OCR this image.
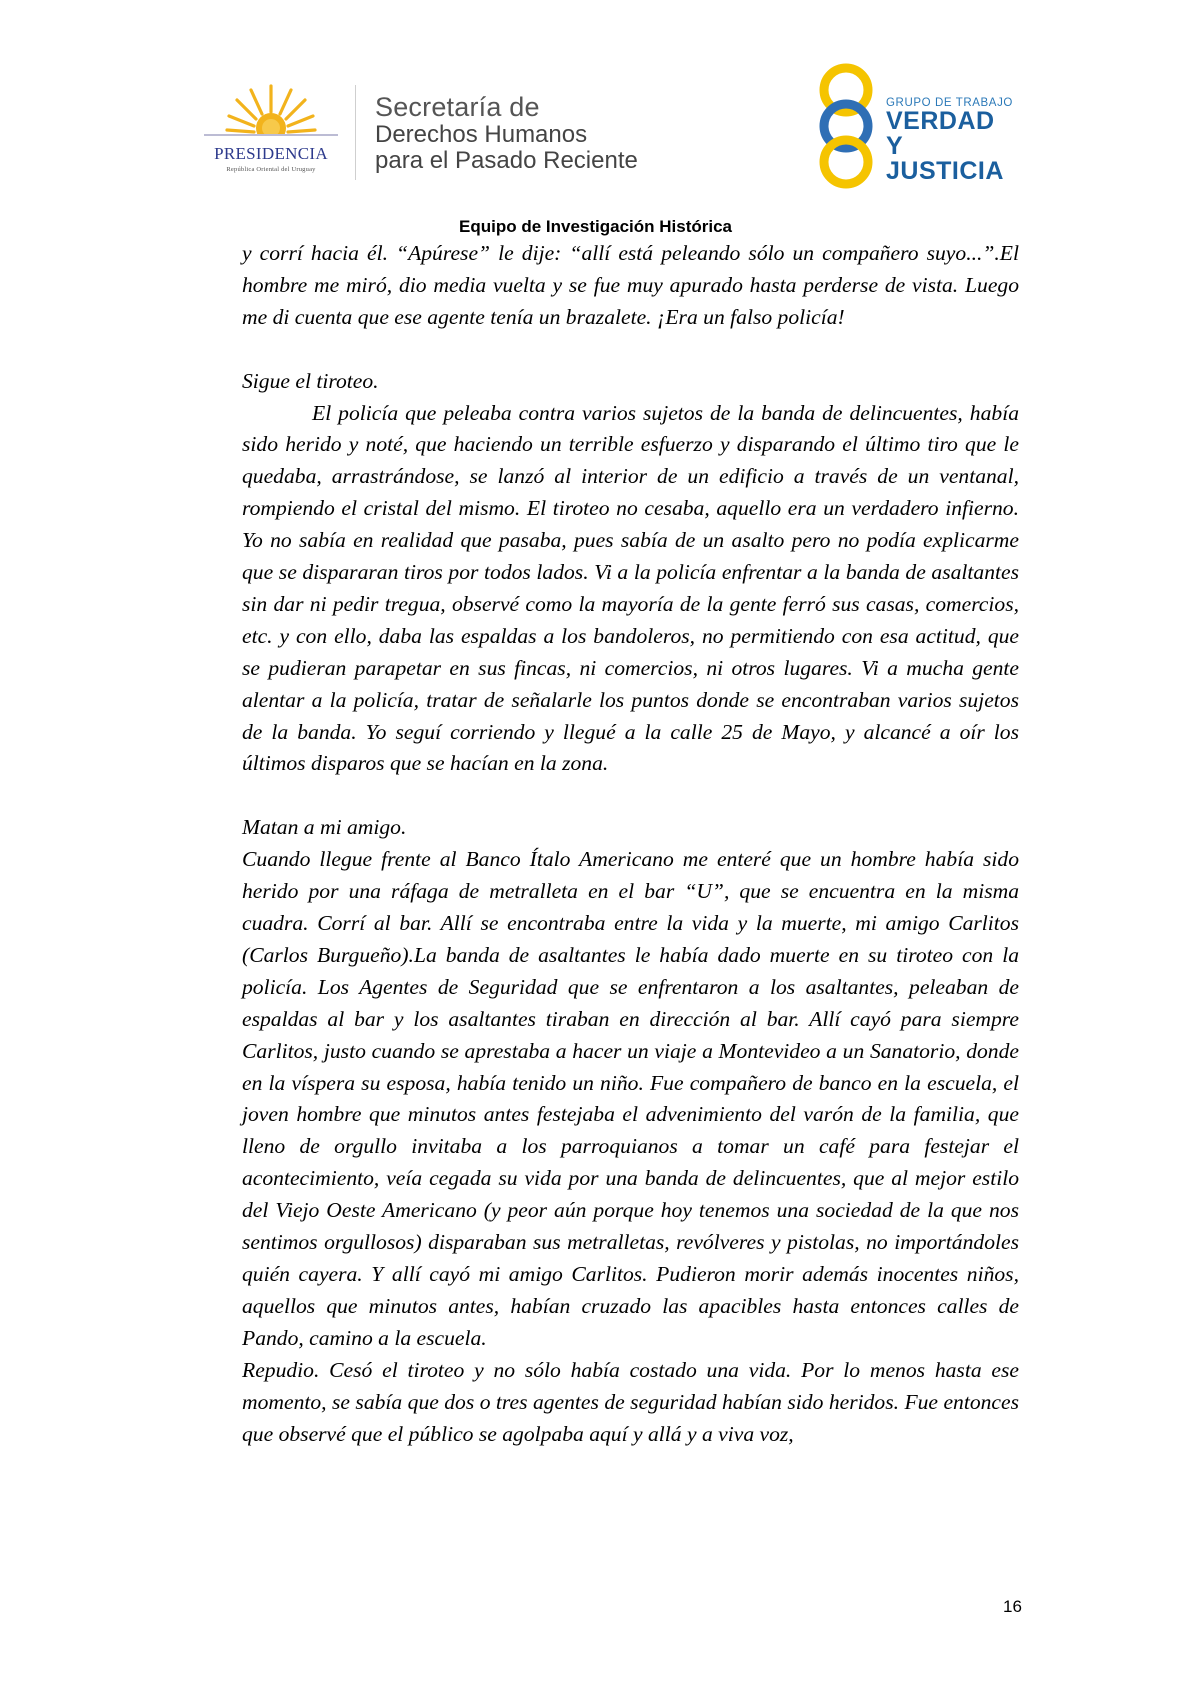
PRESIDENCIA
República Oriental del Uruguay
Secretaría de
Derechos Humanos
para el Pasado Reciente
GRUPO DE TRABAJO
VERDAD Y
JUSTICIA
Equipo de Investigación Histórica

y corrí hacia él. “Apúrese” le dije: “allí está peleando sólo un compañero suyo...”.El hombre me miró, dio media vuelta y se fue muy apurado hasta perderse de vista. Luego me di cuenta que ese agente tenía un brazalete. ¡Era un falso policía!

Sigue el tiroteo.

El policía que peleaba contra varios sujetos de la banda de delincuentes, había sido herido y noté, que haciendo un terrible esfuerzo y disparando el último tiro que le quedaba, arrastrándose, se lanzó al interior de un edificio a través de un ventanal, rompiendo el cristal del mismo. El tiroteo no cesaba, aquello era un verdadero infierno. Yo no sabía en realidad que pasaba, pues sabía de un asalto pero no podía explicarme que se dispararan tiros por todos lados. Vi a la policía enfrentar a la banda de asaltantes sin dar ni pedir tregua, observé como la mayoría de la gente ferró sus casas, comercios, etc. y con ello, daba las espaldas a los bandoleros, no permitiendo con esa actitud, que se pudieran parapetar en sus fincas, ni comercios, ni otros lugares. Vi a mucha gente alentar a la policía, tratar de señalarle los puntos donde se encontraban varios sujetos de la banda. Yo seguí corriendo y llegué a la calle 25 de Mayo, y alcancé a oír los últimos disparos que se hacían en la zona.

Matan a mi amigo.

Cuando llegue frente al Banco Ítalo Americano me enteré que un hombre había sido herido por una ráfaga de metralleta en el bar “U”, que se encuentra en la misma cuadra. Corrí al bar. Allí se encontraba entre la vida y la muerte, mi amigo Carlitos (Carlos Burgueño).La banda de asaltantes le había dado muerte en su tiroteo con la policía. Los Agentes de Seguridad que se enfrentaron a los asaltantes, peleaban de espaldas al bar y los asaltantes tiraban en dirección al bar. Allí cayó para siempre Carlitos, justo cuando se aprestaba a hacer un viaje a Montevideo a un Sanatorio, donde en la víspera su esposa, había tenido un niño. Fue compañero de banco en la escuela, el joven hombre que minutos antes festejaba el advenimiento del varón de la familia, que lleno de orgullo invitaba a los parroquianos a tomar un café para festejar el acontecimiento, veía cegada su vida por una banda de delincuentes, que al mejor estilo del Viejo Oeste Americano (y peor aún porque hoy tenemos una sociedad de la que nos sentimos orgullosos) disparaban sus metralletas, revólveres y pistolas, no importándoles quién cayera. Y allí cayó mi amigo Carlitos. Pudieron morir además inocentes niños, aquellos que minutos antes, habían cruzado las apacibles hasta entonces calles de Pando, camino a la escuela.

Repudio. Cesó el tiroteo y no sólo había costado una vida. Por lo menos hasta ese momento, se sabía que dos o tres agentes de seguridad habían sido heridos. Fue entonces que observé que el público se agolpaba aquí y allá y a viva voz,

16
